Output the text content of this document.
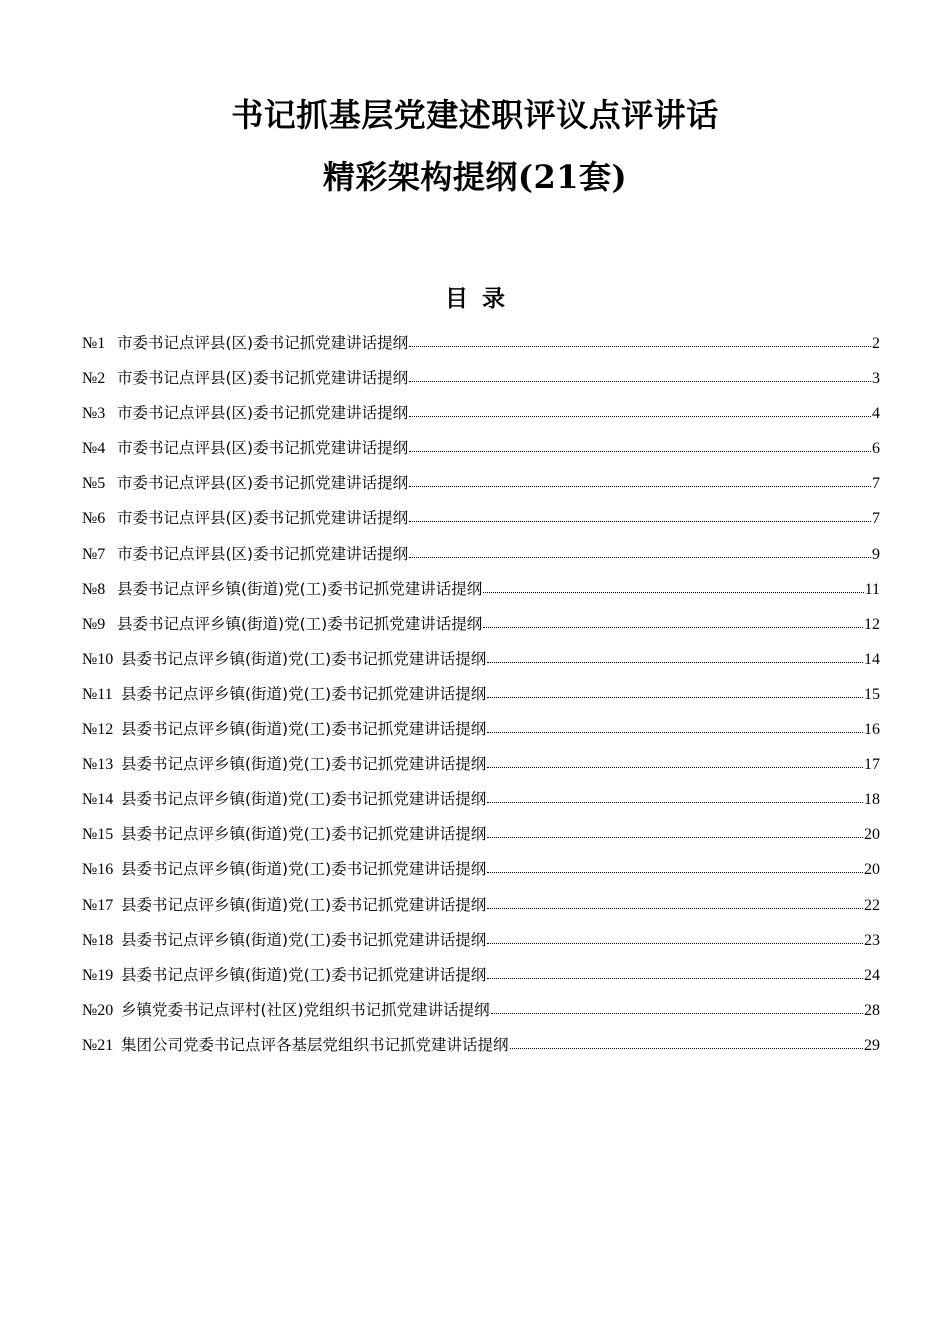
书记抓基层党建述职评议点评讲话
精彩架构提纲(21套)
目录
№1 市委书记点评县(区)委书记抓党建讲话提纲	2
№2 市委书记点评县(区)委书记抓党建讲话提纲	3
№3 市委书记点评县(区)委书记抓党建讲话提纲	4
№4 市委书记点评县(区)委书记抓党建讲话提纲	6
№5 市委书记点评县(区)委书记抓党建讲话提纲	7
№6 市委书记点评县(区)委书记抓党建讲话提纲	7
№7 市委书记点评县(区)委书记抓党建讲话提纲	9
№8 县委书记点评乡镇(街道)党(工)委书记抓党建讲话提纲	11
№9 县委书记点评乡镇(街道)党(工)委书记抓党建讲话提纲	12
№10 县委书记点评乡镇(街道)党(工)委书记抓党建讲话提纲	14
№11 县委书记点评乡镇(街道)党(工)委书记抓党建讲话提纲	15
№12 县委书记点评乡镇(街道)党(工)委书记抓党建讲话提纲	16
№13 县委书记点评乡镇(街道)党(工)委书记抓党建讲话提纲	17
№14 县委书记点评乡镇(街道)党(工)委书记抓党建讲话提纲	18
№15 县委书记点评乡镇(街道)党(工)委书记抓党建讲话提纲	20
№16 县委书记点评乡镇(街道)党(工)委书记抓党建讲话提纲	20
№17 县委书记点评乡镇(街道)党(工)委书记抓党建讲话提纲	22
№18 县委书记点评乡镇(街道)党(工)委书记抓党建讲话提纲	23
№19 县委书记点评乡镇(街道)党(工)委书记抓党建讲话提纲	24
№20 乡镇党委书记点评村(社区)党组织书记抓党建讲话提纲	28
№21 集团公司党委书记点评各基层党组织书记抓党建讲话提纲	29
